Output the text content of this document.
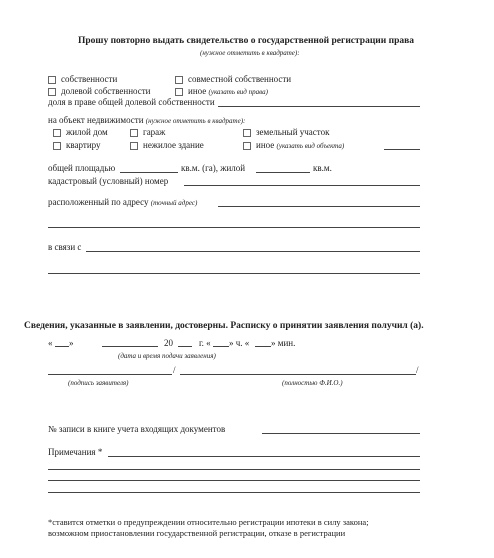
Прошу повторно выдать свидетельство о государственной регистрации права
(нужное отметить в квадрате):
собственности	совместной собственности
долевой собственности	иное (указать вид права)
доля в праве общей долевой собственности
на объект недвижимости (нужное отметить в квадрате):
жилой дом	гараж	земельный участок
квартиру	нежилое здание	иное (указать вид объекта)
общей площадью	кв.м. (га), жилой	кв.м.
кадастровый (условный) номер
расположенный по адресу (точный адрес)
в связи с
Сведения, указанные в заявлении, достоверны. Расписку о принятии заявления получил (а).
« »	20	г. « » ч. « » мин.
(дата и время подачи заявления)
/	/
(подпись заявителя)	(полностью Ф.И.О.)
№ записи в книге учета входящих документов
Примечания *
*ставится отметки о предупреждении относительно регистрации ипотеки в силу закона;
возможном приостановлении государственной регистрации, отказе в регистрации
